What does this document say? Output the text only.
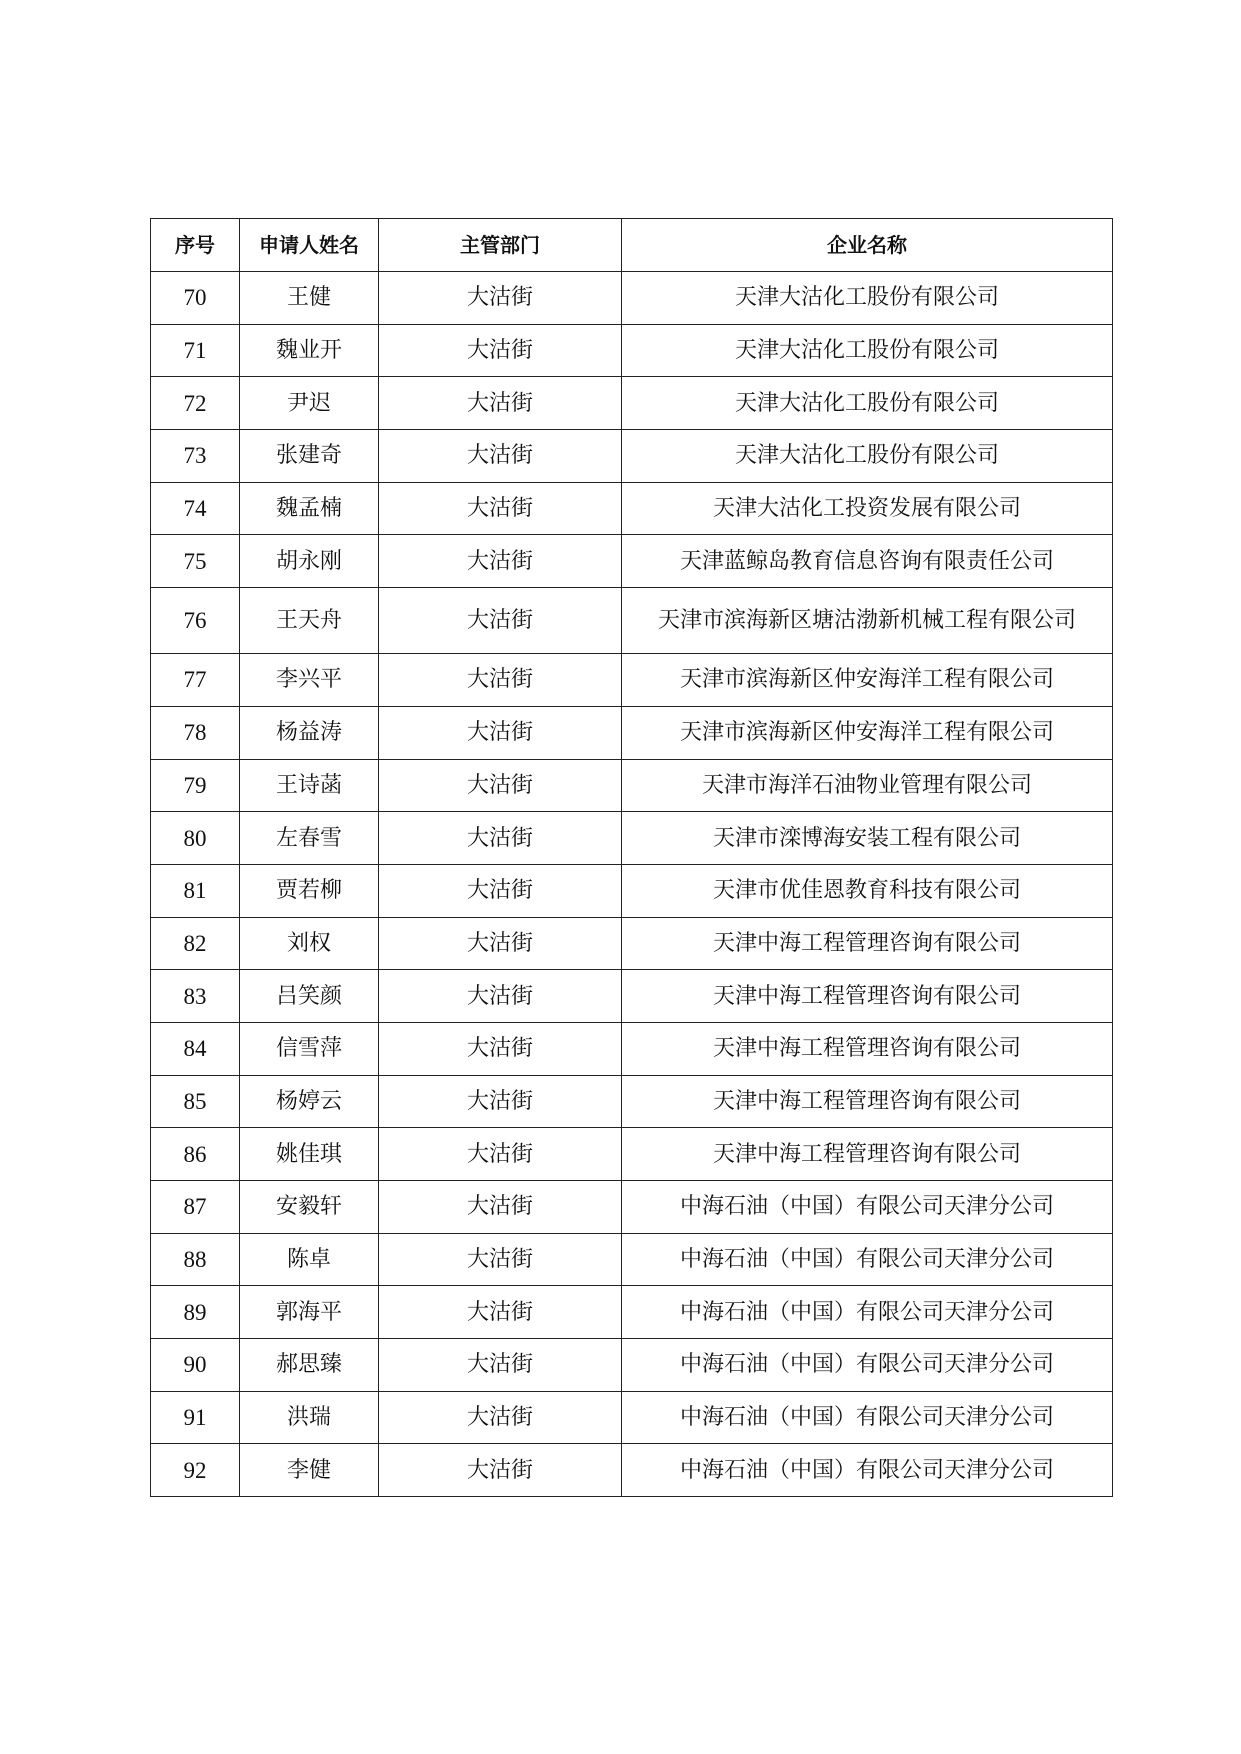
序号	申请人姓名	主管部门	企业名称
70	王健	大沽街	天津大沽化工股份有限公司
71	魏业开	大沽街	天津大沽化工股份有限公司
72	尹迟	大沽街	天津大沽化工股份有限公司
73	张建奇	大沽街	天津大沽化工股份有限公司
74	魏孟楠	大沽街	天津大沽化工投资发展有限公司
75	胡永刚	大沽街	天津蓝鲸岛教育信息咨询有限责任公司
76	王天舟	大沽街	天津市滨海新区塘沽渤新机械工程有限公司
77	李兴平	大沽街	天津市滨海新区仲安海洋工程有限公司
78	杨益涛	大沽街	天津市滨海新区仲安海洋工程有限公司
79	王诗菡	大沽街	天津市海洋石油物业管理有限公司
80	左春雪	大沽街	天津市滦博海安装工程有限公司
81	贾若柳	大沽街	天津市优佳恩教育科技有限公司
82	刘权	大沽街	天津中海工程管理咨询有限公司
83	吕笑颜	大沽街	天津中海工程管理咨询有限公司
84	信雪萍	大沽街	天津中海工程管理咨询有限公司
85	杨婷云	大沽街	天津中海工程管理咨询有限公司
86	姚佳琪	大沽街	天津中海工程管理咨询有限公司
87	安毅轩	大沽街	中海石油（中国）有限公司天津分公司
88	陈卓	大沽街	中海石油（中国）有限公司天津分公司
89	郭海平	大沽街	中海石油（中国）有限公司天津分公司
90	郝思臻	大沽街	中海石油（中国）有限公司天津分公司
91	洪瑞	大沽街	中海石油（中国）有限公司天津分公司
92	李健	大沽街	中海石油（中国）有限公司天津分公司
